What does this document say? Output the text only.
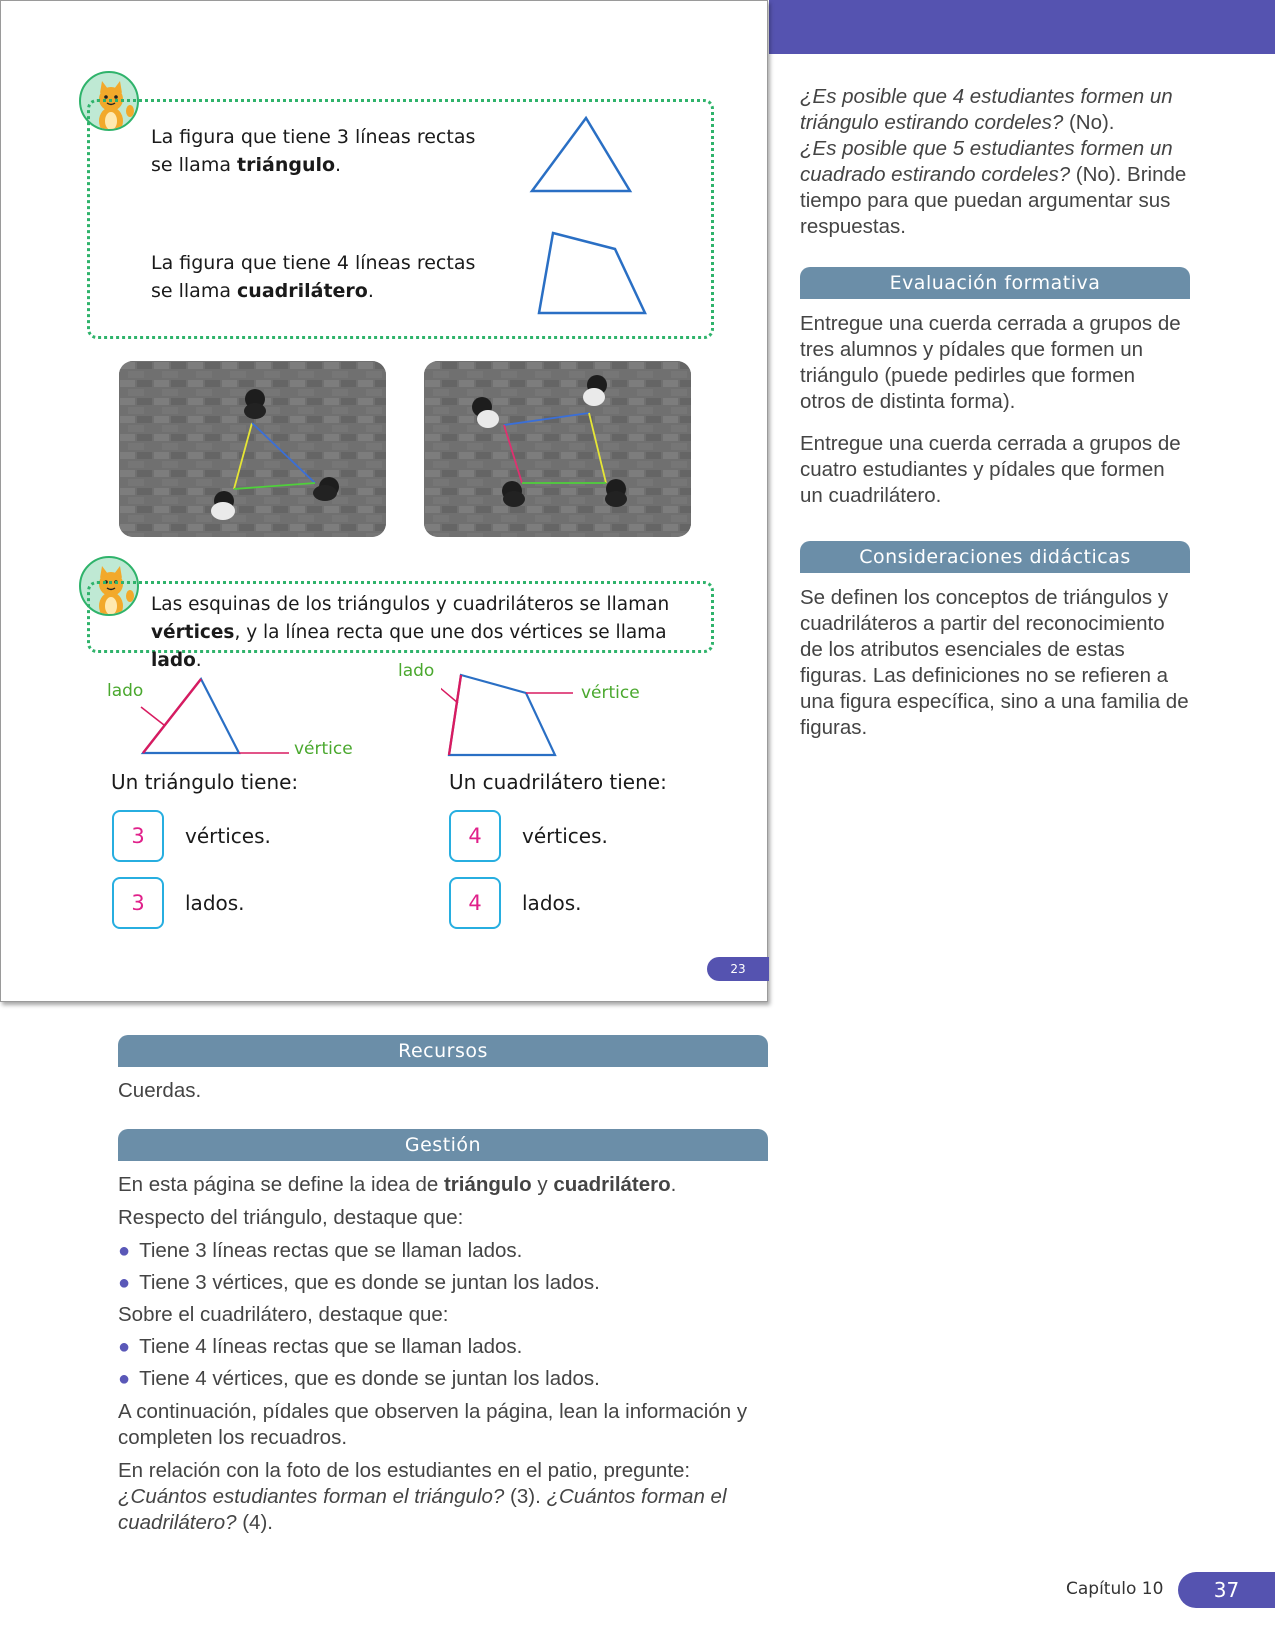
La figura que tiene 3 líneas rectas se llama triángulo.
La figura que tiene 4 líneas rectas se llama cuadrilátero.
Las esquinas de los triángulos y cuadriláteros se llaman vértices, y la línea recta que une dos vértices se llama lado.
lado
vértice
lado
vértice
Un triángulo tiene:	Un cuadrilátero tiene:
3	vértices.
3	lados.
4	vértices.
4	lados.
23
¿Es posible que 4 estudiantes formen un triángulo estirando cordeles? (No).
¿Es posible que 5 estudiantes formen un cuadrado estirando cordeles? (No). Brinde tiempo para que puedan argumentar sus respuestas.
Evaluación formativa
Entregue una cuerda cerrada a grupos de tres alumnos y pídales que formen un triángulo (puede pedirles que formen otros de distinta forma).
Entregue una cuerda cerrada a grupos de cuatro estudiantes y pídales que formen un cuadrilátero.
Consideraciones didácticas
Se definen los conceptos de triángulos y cuadriláteros a partir del reconocimiento de los atributos esenciales de estas figuras. Las definiciones no se refieren a una figura específica, sino a una familia de figuras.
Recursos
Cuerdas.
Gestión
En esta página se define la idea de triángulo y cuadrilátero.
Respecto del triángulo, destaque que:
● Tiene 3 líneas rectas que se llaman lados.
● Tiene 3 vértices, que es donde se juntan los lados.
Sobre el cuadrilátero, destaque que:
● Tiene 4 líneas rectas que se llaman lados.
● Tiene 4 vértices, que es donde se juntan los lados.
A continuación, pídales que observen la página, lean la información y completen los recuadros.
En relación con la foto de los estudiantes en el patio, pregunte: ¿Cuántos estudiantes forman el triángulo? (3). ¿Cuántos forman el cuadrilátero? (4).
Capítulo 10	37
